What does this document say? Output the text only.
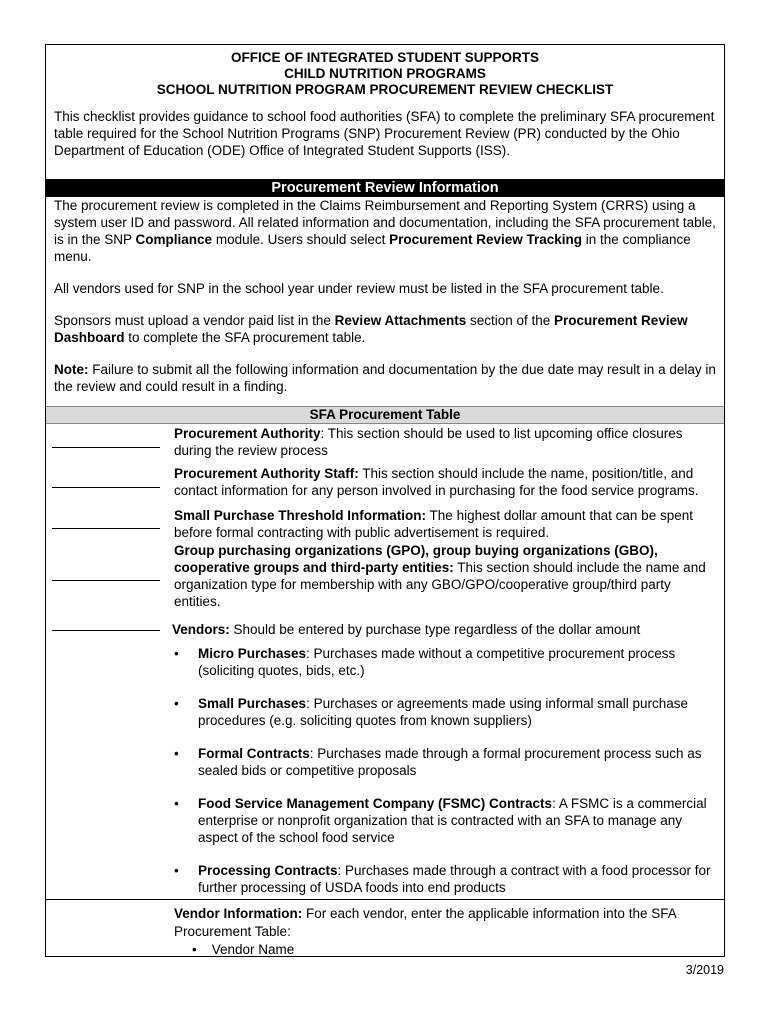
OFFICE OF INTEGRATED STUDENT SUPPORTS
CHILD NUTRITION PROGRAMS
SCHOOL NUTRITION PROGRAM PROCUREMENT REVIEW CHECKLIST
This checklist provides guidance to school food authorities (SFA) to complete the preliminary SFA procurement table required for the School Nutrition Programs (SNP) Procurement Review (PR) conducted by the Ohio Department of Education (ODE) Office of Integrated Student Supports (ISS).
Procurement Review Information

The procurement review is completed in the Claims Reimbursement and Reporting System (CRRS) using a system user ID and password. All related information and documentation, including the SFA procurement table, is in the SNP Compliance module. Users should select Procurement Review Tracking in the compliance menu.

All vendors used for SNP in the school year under review must be listed in the SFA procurement table.

Sponsors must upload a vendor paid list in the Review Attachments section of the Procurement Review Dashboard to complete the SFA procurement table.

Note: Failure to submit all the following information and documentation by the due date may result in a delay in the review and could result in a finding.

SFA Procurement Table
Procurement Authority: This section should be used to list upcoming office closures during the review process
Procurement Authority Staff: This section should include the name, position/title, and contact information for any person involved in purchasing for the food service programs.
Small Purchase Threshold Information: The highest dollar amount that can be spent before formal contracting with public advertisement is required.
Group purchasing organizations (GPO), group buying organizations (GBO), cooperative groups and third-party entities: This section should include the name and organization type for membership with any GBO/GPO/cooperative group/third party entities.
Vendors: Should be entered by purchase type regardless of the dollar amount
• Micro Purchases: Purchases made without a competitive procurement process (soliciting quotes, bids, etc.)
• Small Purchases: Purchases or agreements made using informal small purchase procedures (e.g. soliciting quotes from known suppliers)
• Formal Contracts: Purchases made through a formal procurement process such as sealed bids or competitive proposals
• Food Service Management Company (FSMC) Contracts: A FSMC is a commercial enterprise or nonprofit organization that is contracted with an SFA to manage any aspect of the school food service
• Processing Contracts: Purchases made through a contract with a food processor for further processing of USDA foods into end products
Vendor Information: For each vendor, enter the applicable information into the SFA Procurement Table:
• Vendor Name
3/2019
